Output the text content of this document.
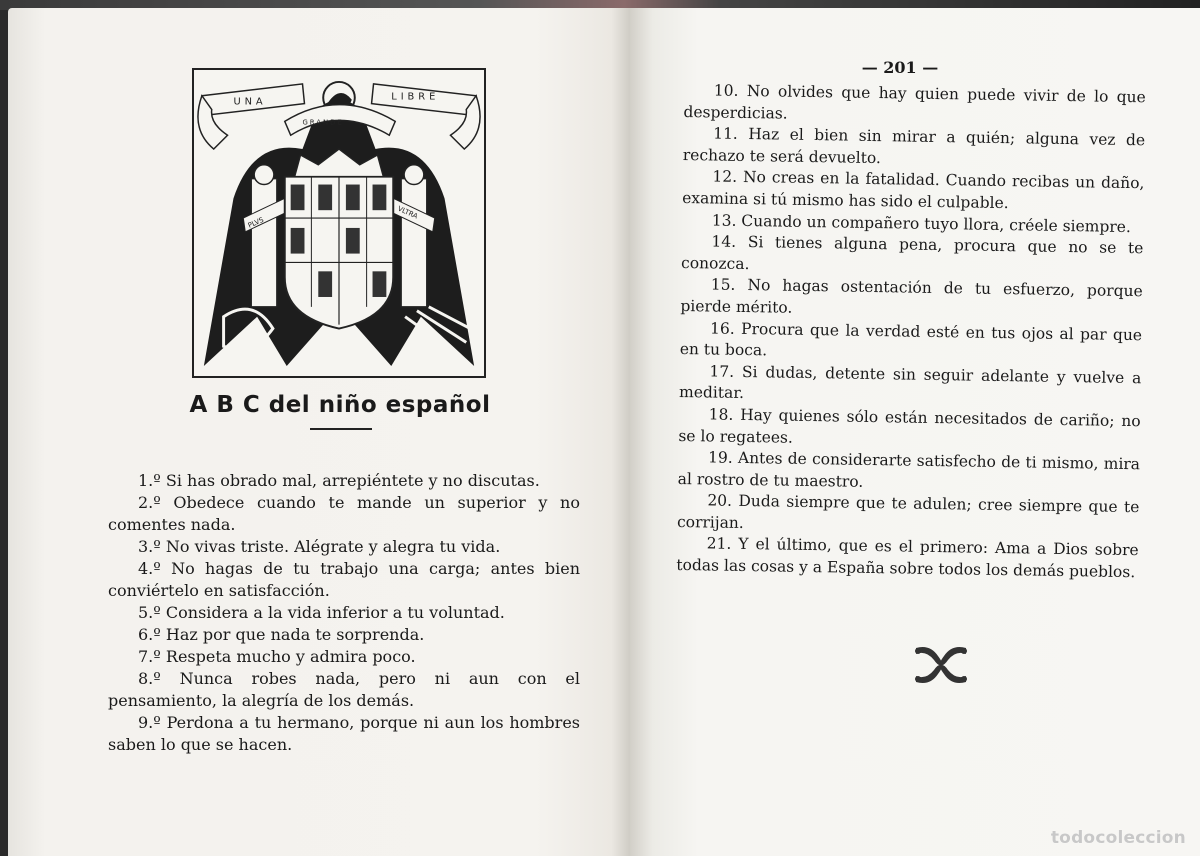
UNA	LIBRE
GRANDE
PLVS
VLTRA
A B C del niño español

1.º Si has obrado mal, arrepiéntete y no discutas.

2.º Obedece cuando te mande un superior y no comentes nada.

3.º No vivas triste. Alégrate y alegra tu vida.

4.º No hagas de tu trabajo una carga; antes bien conviértelo en satisfacción.

5.º Considera a la vida inferior a tu voluntad.

6.º Haz por que nada te sorprenda.

7.º Respeta mucho y admira poco.

8.º Nunca robes nada, pero ni aun con el pensamiento, la alegría de los demás.

9.º Perdona a tu hermano, porque ni aun los hombres saben lo que se hacen.

— 201 —

10. No olvides que hay quien puede vivir de lo que desperdicias.

11. Haz el bien sin mirar a quién; alguna vez de rechazo te será devuelto.

12. No creas en la fatalidad. Cuando recibas un daño, examina si tú mismo has sido el culpable.

13. Cuando un compañero tuyo llora, créele siempre.

14. Si tienes alguna pena, procura que no se te conozca.

15. No hagas ostentación de tu esfuerzo, porque pierde mérito.

16. Procura que la verdad esté en tus ojos al par que en tu boca.

17. Si dudas, detente sin seguir adelante y vuelve a meditar.

18. Hay quienes sólo están necesitados de cariño; no se lo regatees.

19. Antes de considerarte satisfecho de ti mismo, mira al rostro de tu maestro.

20. Duda siempre que te adulen; cree siempre que te corrijan.

21. Y el último, que es el primero: Ama a Dios sobre todas las cosas y a España sobre todos los demás pueblos.

todocoleccion
